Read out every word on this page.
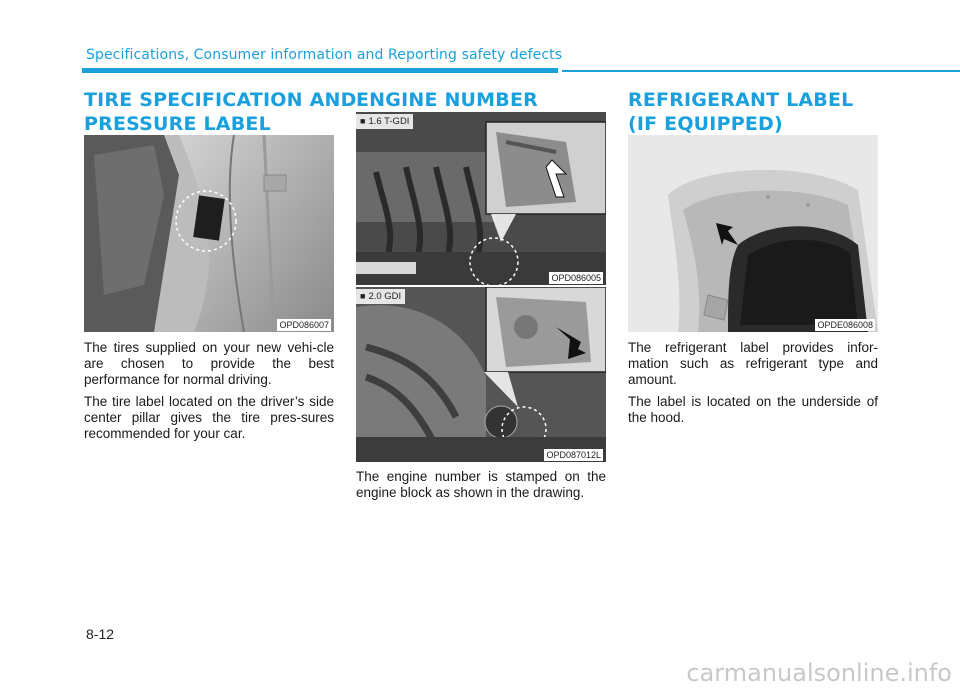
Specifications, Consumer information and Reporting safety defects
TIRE SPECIFICATION AND
PRESSURE LABEL
OPD086007

The tires supplied on your new vehi-cle are chosen to provide the best performance for normal driving.

The tire label located on the driver’s side center pillar gives the tire pres-sures recommended for your car.

ENGINE NUMBER
■ 1.6 T-GDI
OPD086005
■ 2.0 GDI
OPD087012L

The engine number is stamped on the engine block as shown in the drawing.

REFRIGERANT LABEL
(IF EQUIPPED)
OPDE086008

The refrigerant label provides infor-mation such as refrigerant type and amount.

The label is located on the underside of the hood.

8-12
carmanualsonline.info
